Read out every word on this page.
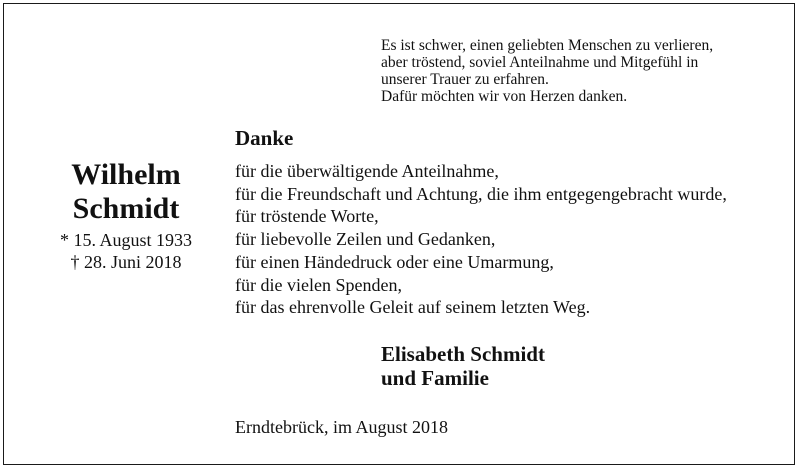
Es ist schwer, einen geliebten Menschen zu verlieren,
aber tröstend, soviel Anteilnahme und Mitgefühl in
unserer Trauer zu erfahren.
Dafür möchten wir von Herzen danken.
Danke
Wilhelm
Schmidt
* 15. August 1933
† 28. Juni 2018
für die überwältigende Anteilnahme,
für die Freundschaft und Achtung, die ihm entgegengebracht wurde,
für tröstende Worte,
für liebevolle Zeilen und Gedanken,
für einen Händedruck oder eine Umarmung,
für die vielen Spenden,
für das ehrenvolle Geleit auf seinem letzten Weg.
Elisabeth Schmidt
und Familie
Erndtebrück, im August 2018
